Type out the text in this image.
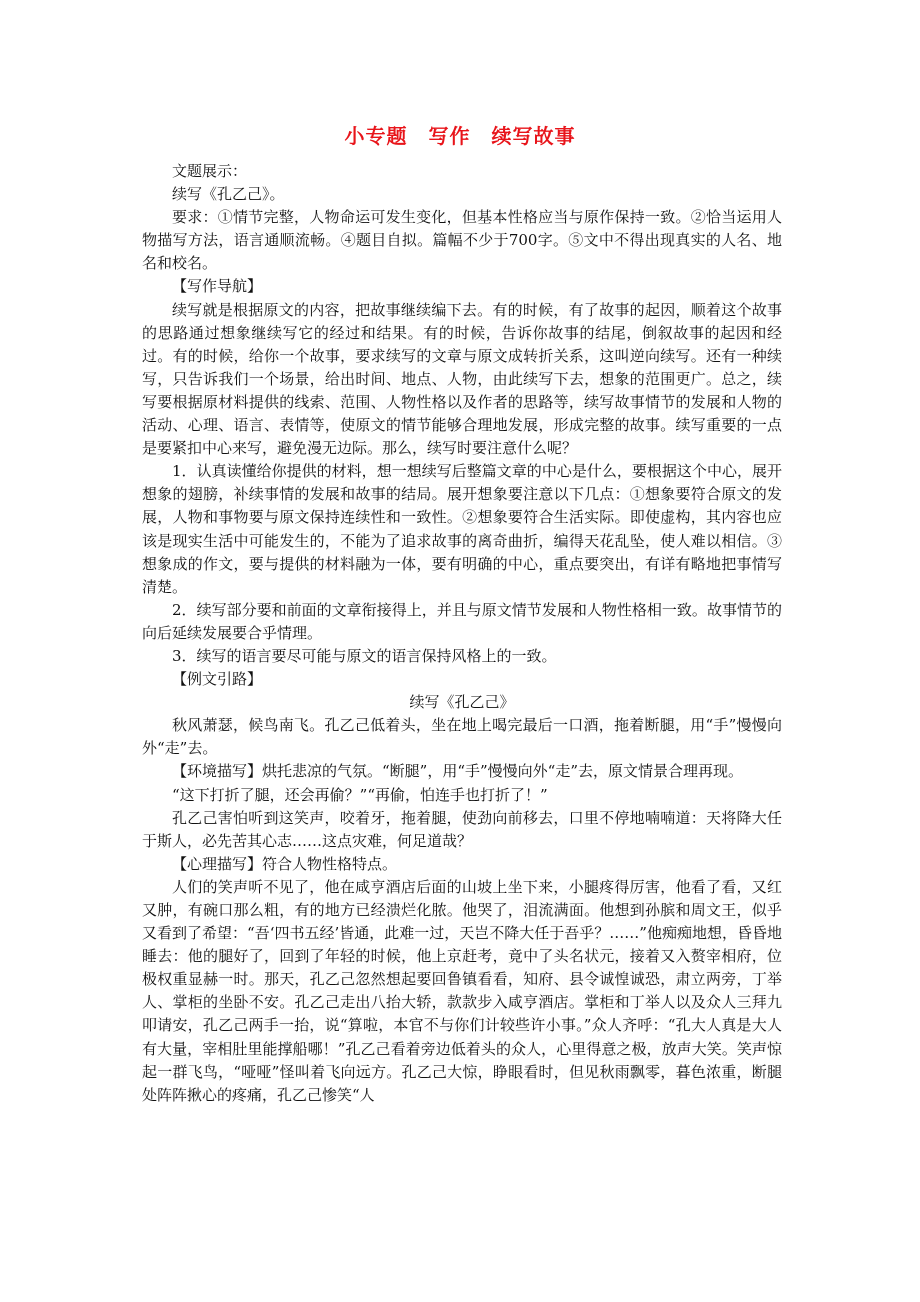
小专题　写作　续写故事

文题展示：

续写《孔乙己》。

要求：①情节完整，人物命运可发生变化，但基本性格应当与原作保持一致。②恰当运用人物描写方法，语言通顺流畅。④题目自拟。篇幅不少于700字。⑤文中不得出现真实的人名、地名和校名。

【写作导航】

续写就是根据原文的内容，把故事继续编下去。有的时候，有了故事的起因，顺着这个故事的思路通过想象继续写它的经过和结果。有的时候，告诉你故事的结尾，倒叙故事的起因和经过。有的时候，给你一个故事，要求续写的文章与原文成转折关系，这叫逆向续写。还有一种续写，只告诉我们一个场景，给出时间、地点、人物，由此续写下去，想象的范围更广。总之，续写要根据原材料提供的线索、范围、人物性格以及作者的思路等，续写故事情节的发展和人物的活动、心理、语言、表情等，使原文的情节能够合理地发展，形成完整的故事。续写重要的一点是要紧扣中心来写，避免漫无边际。那么，续写时要注意什么呢？

1．认真读懂给你提供的材料，想一想续写后整篇文章的中心是什么，要根据这个中心，展开想象的翅膀，补续事情的发展和故事的结局。展开想象要注意以下几点：①想象要符合原文的发展，人物和事物要与原文保持连续性和一致性。②想象要符合生活实际。即使虚构，其内容也应该是现实生活中可能发生的，不能为了追求故事的离奇曲折，编得天花乱坠，使人难以相信。③想象成的作文，要与提供的材料融为一体，要有明确的中心，重点要突出，有详有略地把事情写清楚。

2．续写部分要和前面的文章衔接得上，并且与原文情节发展和人物性格相一致。故事情节的向后延续发展要合乎情理。

3．续写的语言要尽可能与原文的语言保持风格上的一致。

【例文引路】

续写《孔乙己》

秋风萧瑟，候鸟南飞。孔乙己低着头，坐在地上喝完最后一口酒，拖着断腿，用“手”慢慢向外“走”去。

【环境描写】烘托悲凉的气氛。“断腿”，用“手”慢慢向外“走”去，原文情景合理再现。

“这下打折了腿，还会再偷？”“再偷，怕连手也打折了！”

孔乙己害怕听到这笑声，咬着牙，拖着腿，使劲向前移去，口里不停地喃喃道：天将降大任于斯人，必先苦其心志……这点灾难，何足道哉？

【心理描写】符合人物性格特点。

人们的笑声听不见了，他在咸亨酒店后面的山坡上坐下来，小腿疼得厉害，他看了看，又红又肿，有碗口那么粗，有的地方已经溃烂化脓。他哭了，泪流满面。他想到孙膑和周文王，似乎又看到了希望：“吾‘四书五经’皆通，此难一过，天岂不降大任于吾乎？……”他痴痴地想，昏昏地睡去：他的腿好了，回到了年轻的时候，他上京赶考，竟中了头名状元，接着又入赘宰相府，位极权重显赫一时。那天，孔乙己忽然想起要回鲁镇看看，知府、县令诚惶诚恐，肃立两旁，丁举人、掌柜的坐卧不安。孔乙己走出八抬大轿，款款步入咸亨酒店。掌柜和丁举人以及众人三拜九叩请安，孔乙己两手一抬，说“算啦，本官不与你们计较些许小事。”众人齐呼：“孔大人真是大人有大量，宰相肚里能撑船哪！”孔乙己看着旁边低着头的众人，心里得意之极，放声大笑。笑声惊起一群飞鸟，“哑哑”怪叫着飞向远方。孔乙己大惊，睁眼看时，但见秋雨飘零，暮色浓重，断腿处阵阵揪心的疼痛，孔乙己惨笑“人
